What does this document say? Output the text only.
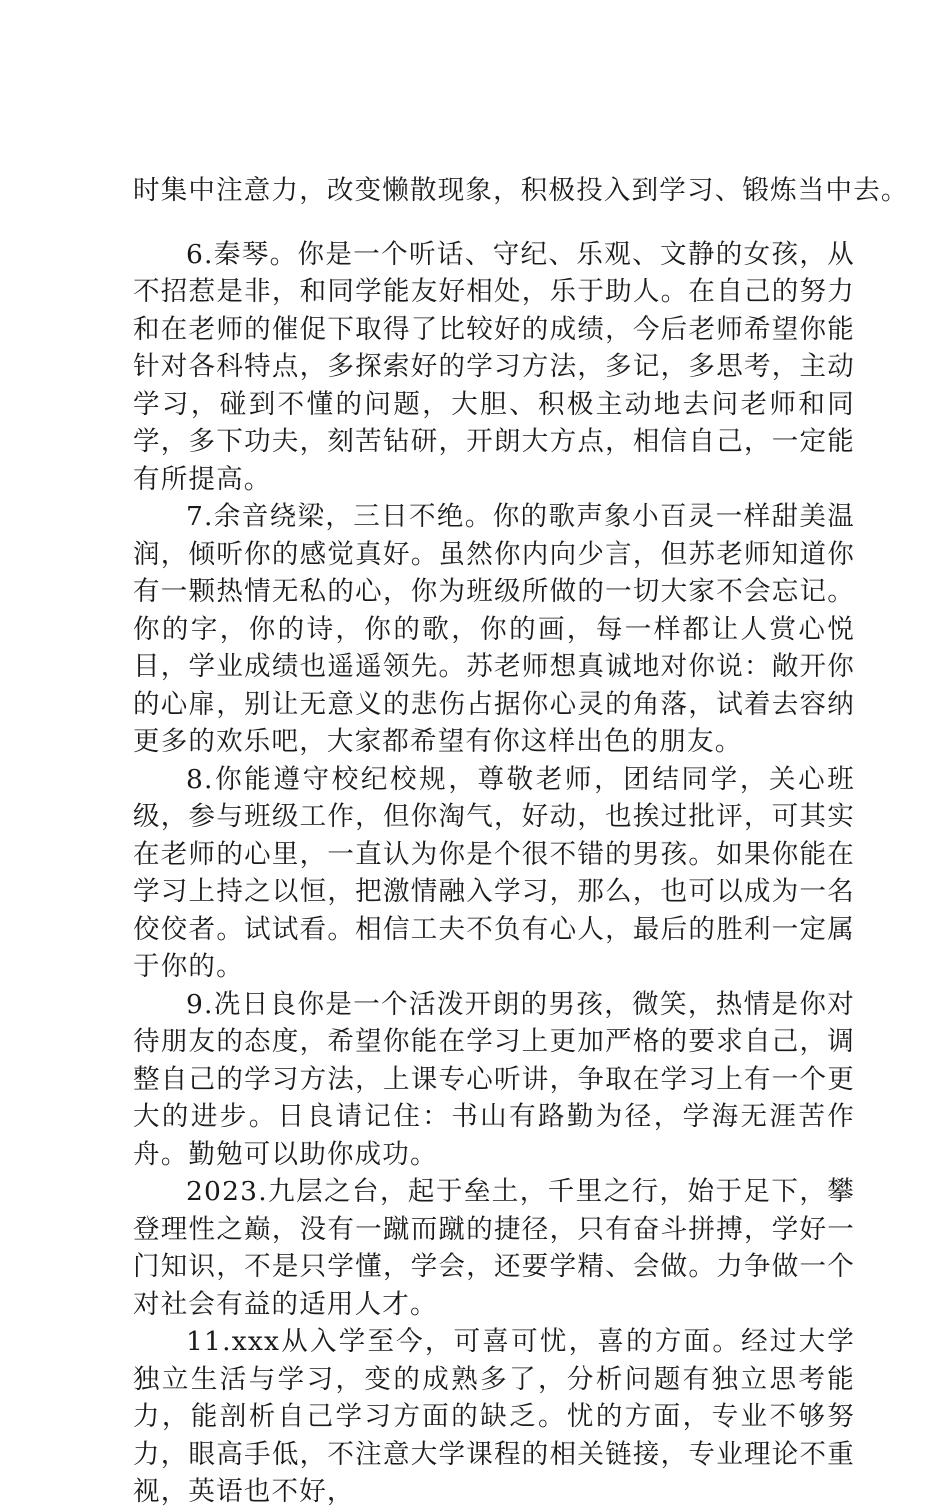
时集中注意力，改变懒散现象，积极投入到学习、锻炼当中去。

6.秦琴。你是一个听话、守纪、乐观、文静的女孩，从不招惹是非，和同学能友好相处，乐于助人。在自己的努力和在老师的催促下取得了比较好的成绩，今后老师希望你能针对各科特点，多探索好的学习方法，多记，多思考，主动学习，碰到不懂的问题，大胆、积极主动地去问老师和同学，多下功夫，刻苦钻研，开朗大方点，相信自己，一定能有所提高。

7.余音绕梁，三日不绝。你的歌声象小百灵一样甜美温润，倾听你的感觉真好。虽然你内向少言，但苏老师知道你有一颗热情无私的心，你为班级所做的一切大家不会忘记。你的字，你的诗，你的歌，你的画，每一样都让人赏心悦目，学业成绩也遥遥领先。苏老师想真诚地对你说：敞开你的心扉，别让无意义的悲伤占据你心灵的角落，试着去容纳更多的欢乐吧，大家都希望有你这样出色的朋友。

8.你能遵守校纪校规，尊敬老师，团结同学，关心班级，参与班级工作，但你淘气，好动，也挨过批评，可其实在老师的心里，一直认为你是个很不错的男孩。如果你能在学习上持之以恒，把激情融入学习，那么，也可以成为一名佼佼者。试试看。相信工夫不负有心人，最后的胜利一定属于你的。

9.冼日良你是一个活泼开朗的男孩，微笑，热情是你对待朋友的态度，希望你能在学习上更加严格的要求自己，调整自己的学习方法，上课专心听讲，争取在学习上有一个更大的进步。日良请记住：书山有路勤为径，学海无涯苦作舟。勤勉可以助你成功。

2023.九层之台，起于垒土，千里之行，始于足下，攀登理性之巅，没有一蹴而蹴的捷径，只有奋斗拼搏，学好一门知识，不是只学懂，学会，还要学精、会做。力争做一个对社会有益的适用人才。

11.xxx从入学至今，可喜可忧，喜的方面。经过大学独立生活与学习，变的成熟多了，分析问题有独立思考能力，能剖析自己学习方面的缺乏。忧的方面，专业不够努力，眼高手低，不注意大学课程的相关链接，专业理论不重视，英语也不好，
